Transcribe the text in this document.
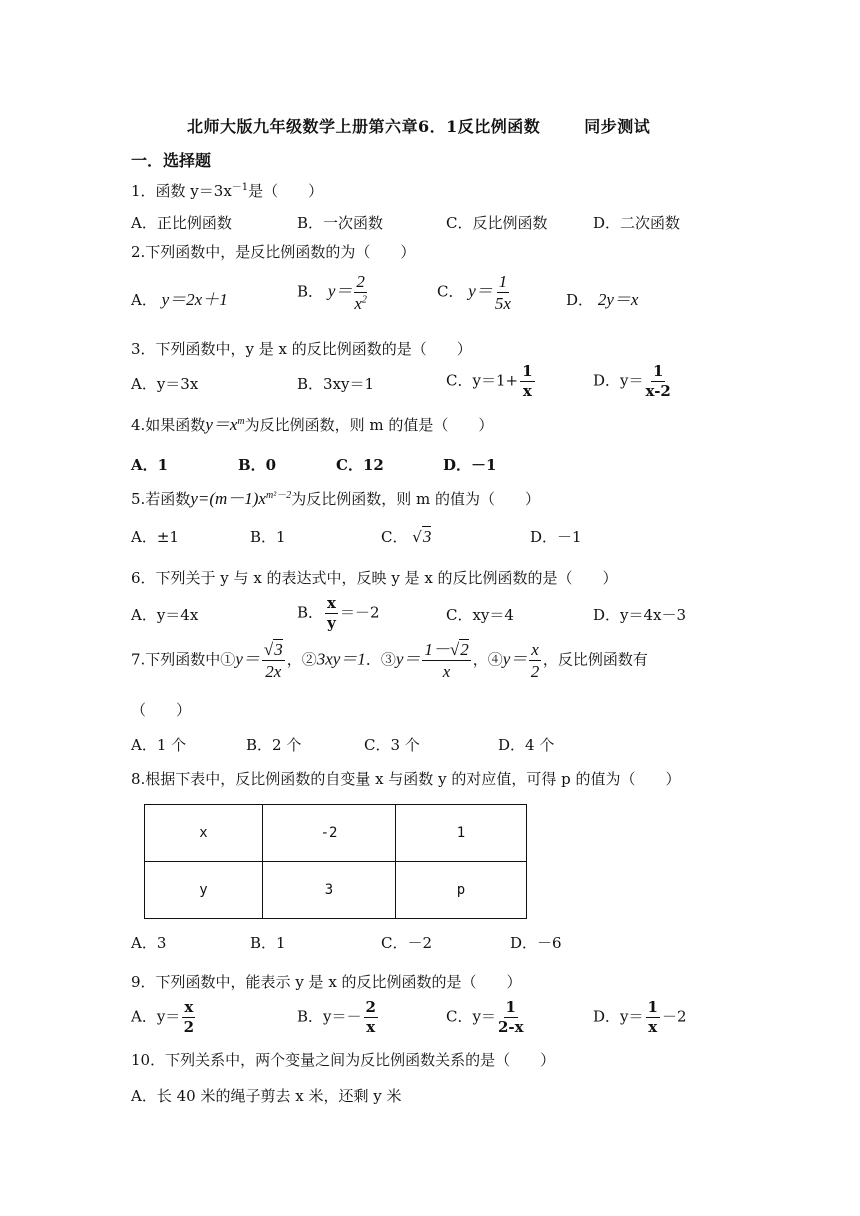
北师大版九年级数学上册第六章6．1反比例函数	同步测试
一．选择题
1．函数 $y=3x^{-1}$是（　　）
A．正比例函数	B．一次函数	C．反比例函数	D．二次函数
2.下列函数中，是反比例函数的为（　　）
A． y＝2x＋1	B． $y= \frac{2}{x^2}$	C． $y= \frac{1}{5x}$	D． 2y＝x
3．下列函数中，y 是 x 的反比例函数的是（　　）
A．y＝3x	B．3xy＝1	C．$y=1+ \frac{1}{x}$	D．$y= \frac{1}{x-2}$
4.如果函数$y=x^m$为反比例函数，则 m 的值是（　　）
A．1	B．0	C．12	D．－1
5.若函数$y=(m-1)x^{m^2-2}$为反比例函数，则 m 的值为（　　）
A．±1	B．1	C． √3	D．－1
6．下列关于 y 与 x 的表达式中，反映 y 是 x 的反比例函数的是（　　）
A．y＝4x	B． $\frac{x}{y} =-2$	C．xy＝4	D．y＝4x－3
7.下列函数中①y＝ $\frac{√3}{2x}$ ，②3xy＝1．③y＝ $\frac{1-√2}{x}$ ，④y＝ $\frac{x}{2}$ ，反比例函数有
（　　）
A．1 个	B．2 个	C．3 个	D．4 个
8.根据下表中，反比例函数的自变量 x 与函数 y 的对应值，可得 p 的值为（　　）
x	-2	1
y	3	p
A．3	B．1	C．－2	D．－6
9．下列函数中，能表示 y 是 x 的反比例函数的是（　　）
A．$y= \frac{x}{2}$	B．$y=- \frac{2}{x}$	C．$y= \frac{1}{2-x}$	D．$y= \frac{1}{x} -2$
10．下列关系中，两个变量之间为反比例函数关系的是（　　）
A．长 40 米的绳子剪去 x 米，还剩 y 米
